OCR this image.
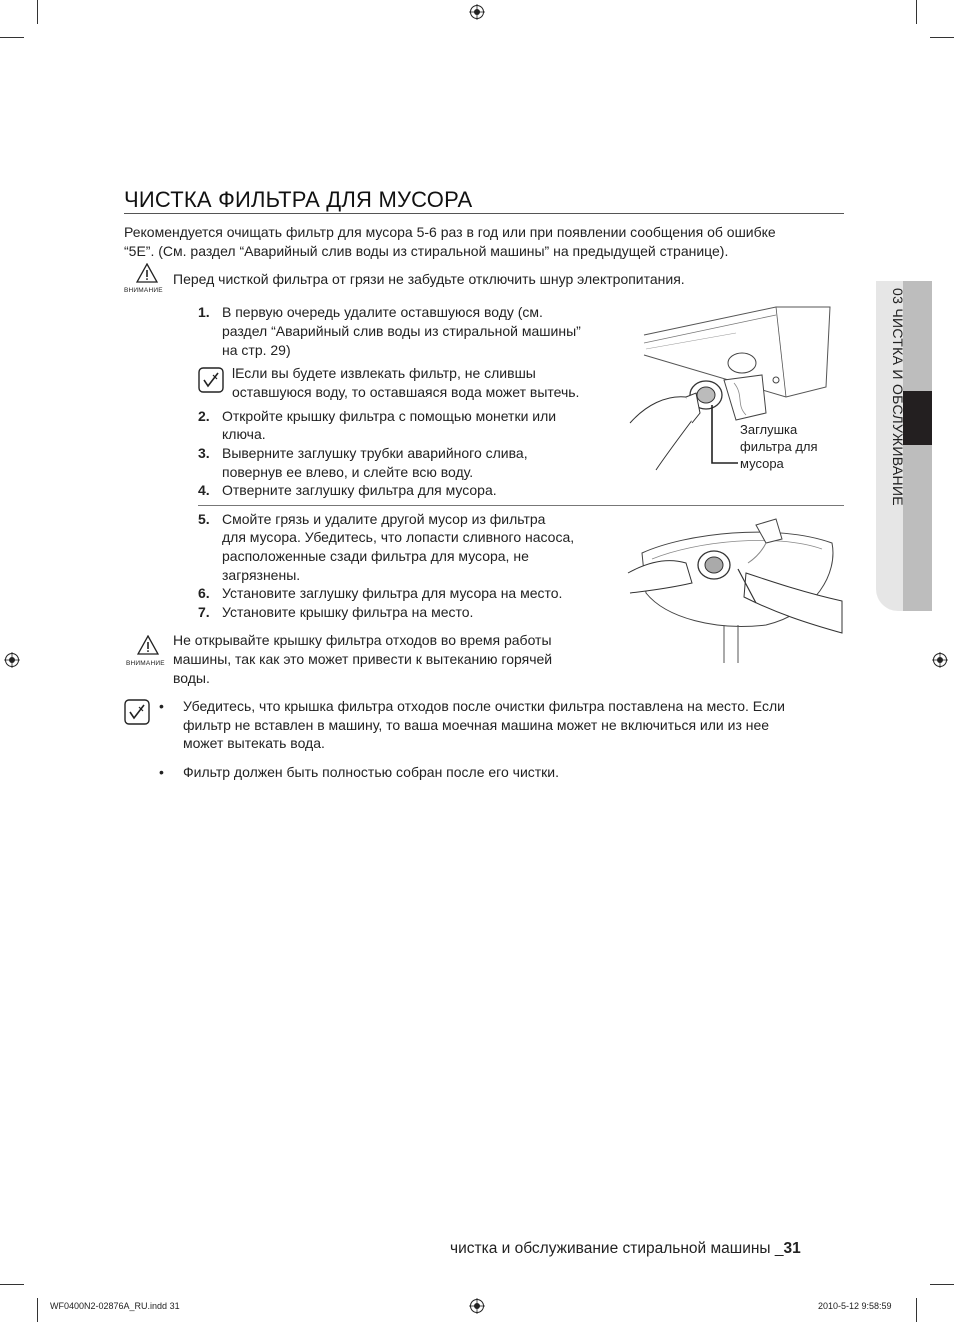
ЧИСТКА ФИЛЬТРА ДЛЯ МУСОРА
Рекомендуется очищать фильтр для мусора 5-6 раз в год или при появлении сообщения об ошибке
“5E”. (См. раздел “Аварийный слив воды из стиральной машины” на предыдущей странице).
ВНИМАНИЕ
Перед чисткой фильтра от грязи не забудьте отключить шнур электропитания.
1. В первую очередь удалите оставшуюся воду (см.
раздел “Аварийный слив воды из стиральной машины”
на стр. 29)
lЕсли вы будете извлекать фильтр, не слившы
оставшуюся воду, то оставшаяся вода может вытечь.
2. Откройте крышку фильтра с помощью монетки или
ключа.
3. Выверните заглушку трубки аварийного слива,
повернув ее влево, и слейте всю воду.
4. Отверните заглушку фильтра для мусора.
Заглушка
фильтра для
мусора
5. Смойте грязь и удалите другой мусор из фильтра
для мусора. Убедитесь, что лопасти сливного насоса,
расположенные сзади фильтра для мусора, не
загрязнены.
6. Установите заглушку фильтра для мусора на место.
7. Установите крышку фильтра на место.
ВНИМАНИЕ
Не открывайте крышку фильтра отходов во время работы
машины, так как это может привести к вытеканию горячей
воды.
• Убедитесь, что крышка фильтра отходов после очистки фильтра поставлена на место. Если
фильтр не вставлен в машину, то ваша моечная машина может не включиться или из нее
может вытекать вода.
• Фильтр должен быть полностью собран после его чистки.
03 ЧИСТКА И ОБСЛУЖИВАНИЕ
чистка и обслуживание стиральной машины _31
WF0400N2-02876A_RU.indd 31	2010-5-12 9:58:59
